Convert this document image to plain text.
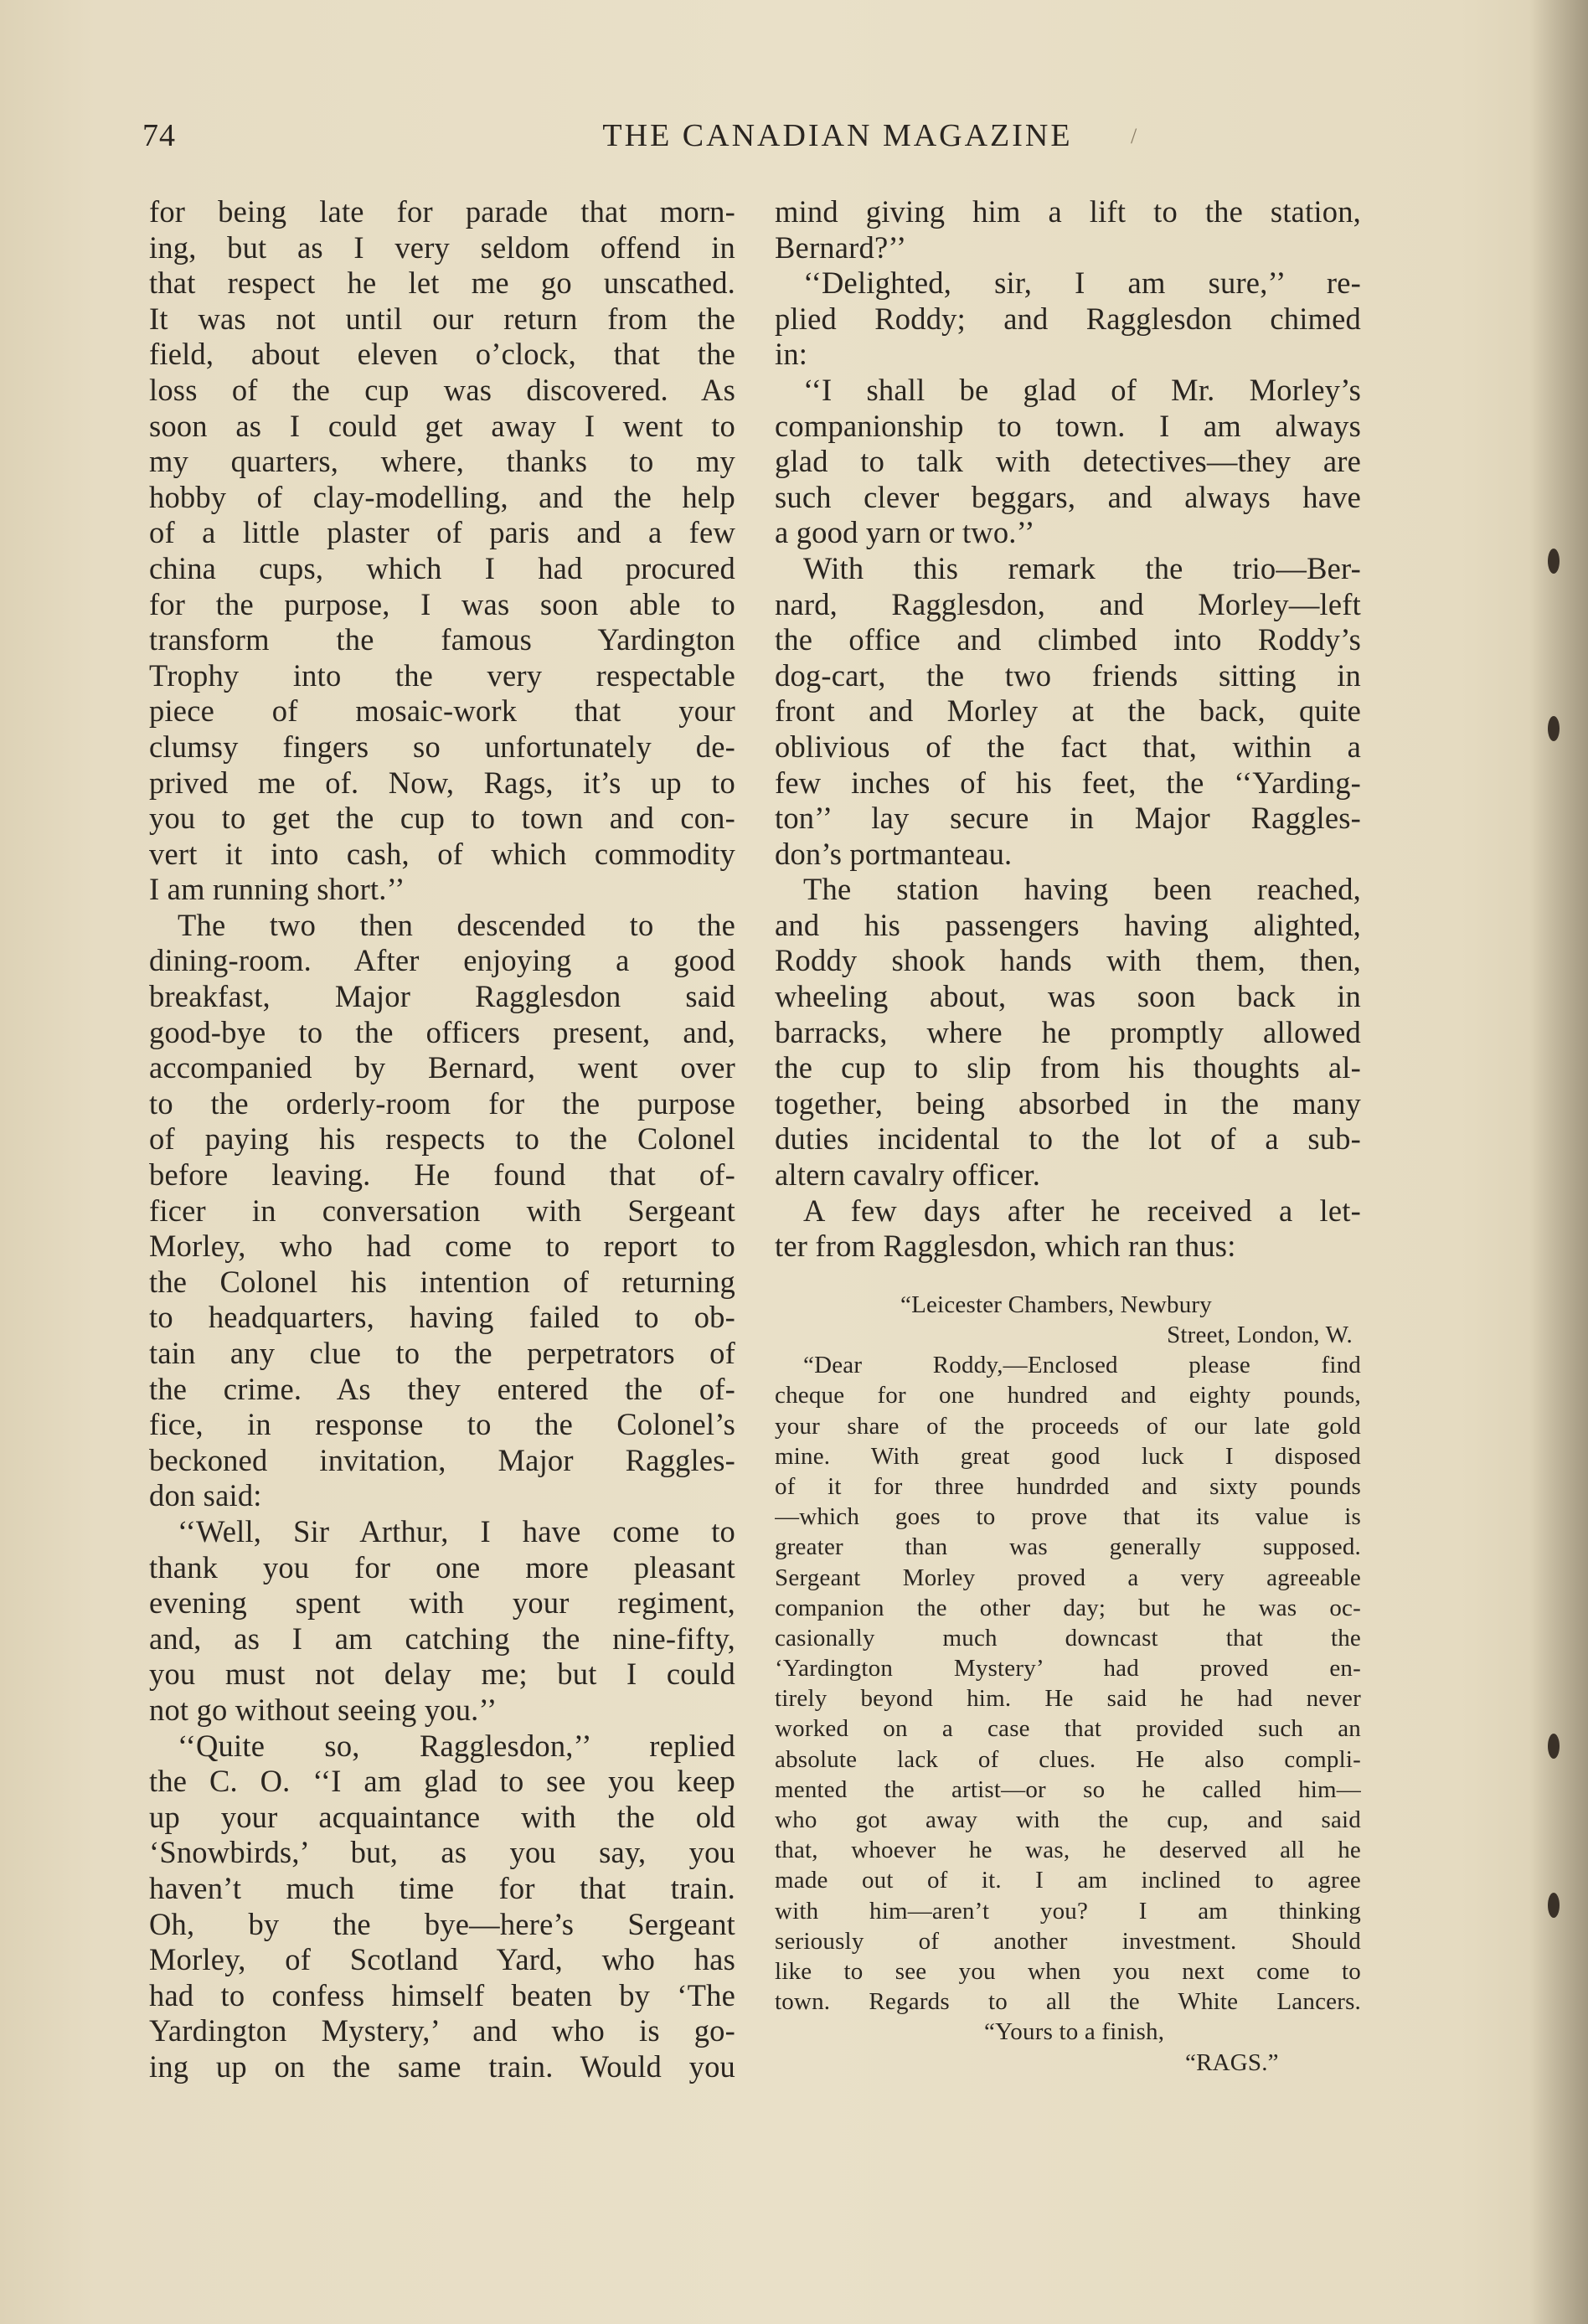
74	THE CANADIAN MAGAZINE	/
for being late for parade that morn-
ing, but as I very seldom offend in
that respect he let me go unscathed.
It was not until our return from the
field, about eleven o’clock, that the
loss of the cup was discovered. As
soon as I could get away I went to
my quarters, where, thanks to my
hobby of clay-modelling, and the help
of a little plaster of paris and a few
china cups, which I had procured
for the purpose, I was soon able to
transform the famous Yardington
Trophy into the very respectable
piece of mosaic-work that your
clumsy fingers so unfortunately de-
prived me of. Now, Rags, it’s up to
you to get the cup to town and con-
vert it into cash, of which commodity
I am running short.’’
The two then descended to the
dining-room. After enjoying a good
breakfast, Major Ragglesdon said
good-bye to the officers present, and,
accompanied by Bernard, went over
to the orderly-room for the purpose
of paying his respects to the Colonel
before leaving. He found that of-
ficer in conversation with Sergeant
Morley, who had come to report to
the Colonel his intention of returning
to headquarters, having failed to ob-
tain any clue to the perpetrators of
the crime. As they entered the of-
fice, in response to the Colonel’s
beckoned invitation, Major Raggles-
don said:
‘‘Well, Sir Arthur, I have come to
thank you for one more pleasant
evening spent with your regiment,
and, as I am catching the nine-fifty,
you must not delay me; but I could
not go without seeing you.’’
‘‘Quite so, Ragglesdon,’’ replied
the C. O. ‘‘I am glad to see you keep
up your acquaintance with the old
‘Snowbirds,’ but, as you say, you
haven’t much time for that train.
Oh, by the bye—here’s Sergeant
Morley, of Scotland Yard, who has
had to confess himself beaten by ‘The
Yardington Mystery,’ and who is go-
ing up on the same train. Would you
mind giving him a lift to the station,
Bernard?’’
‘‘Delighted, sir, I am sure,’’ re-
plied Roddy; and Ragglesdon chimed
in:
‘‘I shall be glad of Mr. Morley’s
companionship to town. I am always
glad to talk with detectives—they are
such clever beggars, and always have
a good yarn or two.’’
With this remark the trio—Ber-
nard, Ragglesdon, and Morley—left
the office and climbed into Roddy’s
dog-cart, the two friends sitting in
front and Morley at the back, quite
oblivious of the fact that, within a
few inches of his feet, the ‘‘Yarding-
ton’’ lay secure in Major Raggles-
don’s portmanteau.
The station having been reached,
and his passengers having alighted,
Roddy shook hands with them, then,
wheeling about, was soon back in
barracks, where he promptly allowed
the cup to slip from his thoughts al-
together, being absorbed in the many
duties incidental to the lot of a sub-
altern cavalry officer.
A few days after he received a let-
ter from Ragglesdon, which ran thus:
“Leicester Chambers, Newbury
Street, London, W.
“Dear Roddy,—Enclosed please find
cheque for one hundred and eighty pounds,
your share of the proceeds of our late gold
mine. With great good luck I disposed
of it for three hundrded and sixty pounds
—which goes to prove that its value is
greater than was generally supposed.
Sergeant Morley proved a very agreeable
companion the other day; but he was oc-
casionally much downcast that the
‘Yardington Mystery’ had proved en-
tirely beyond him. He said he had never
worked on a case that provided such an
absolute lack of clues. He also compli-
mented the artist—or so he called him—
who got away with the cup, and said
that, whoever he was, he deserved all he
made out of it. I am inclined to agree
with him—aren’t you? I am thinking
seriously of another investment. Should
like to see you when you next come to
town. Regards to all the White Lancers.
“Yours to a finish,
“RAGS.”
